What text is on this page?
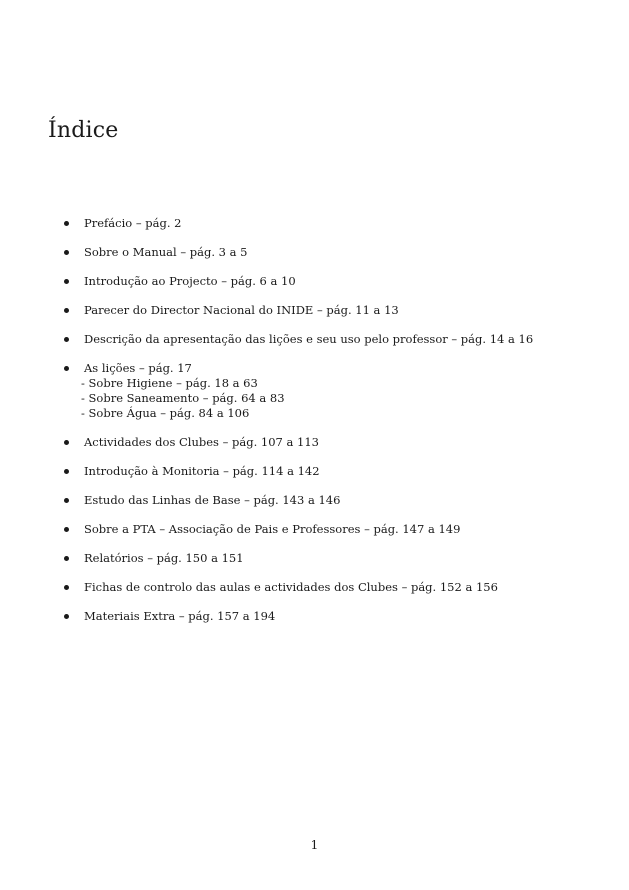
Índice
Prefácio – pág. 2
Sobre o Manual – pág. 3 a 5
Introdução ao Projecto – pág. 6 a 10
Parecer do Director Nacional do INIDE – pág. 11 a 13
Descrição da apresentação das lições e seu uso pelo professor – pág. 14 a 16
As lições – pág. 17
- Sobre Higiene – pág. 18 a 63
- Sobre Saneamento – pág. 64 a 83
- Sobre Água – pág. 84 a 106
Actividades dos Clubes – pág. 107 a 113
Introdução à Monitoria – pág. 114 a 142
Estudo das Linhas de Base – pág. 143 a 146
Sobre a PTA – Associação de Pais e Professores – pág. 147 a 149
Relatórios – pág. 150 a 151
Fichas de controlo das aulas e actividades dos Clubes – pág. 152 a 156
Materiais Extra – pág. 157 a 194
1
